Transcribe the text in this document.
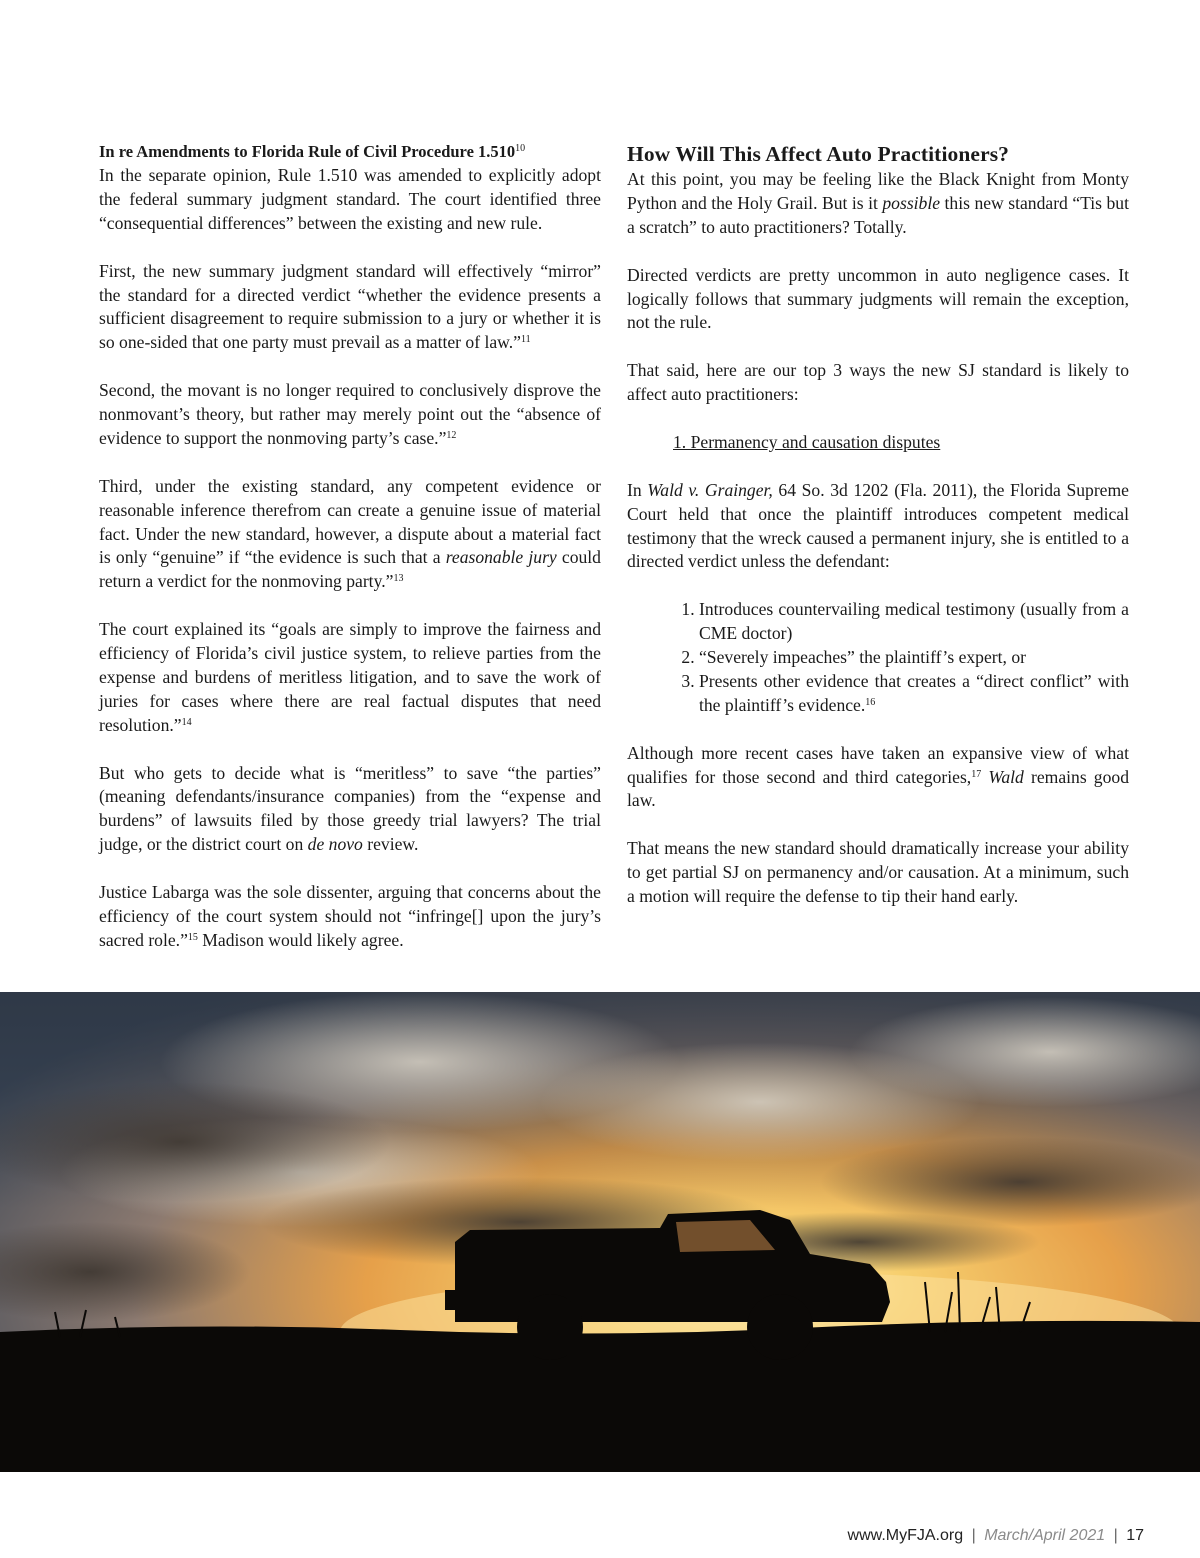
In re Amendments to Florida Rule of Civil Procedure 1.510$^{10}$

In the separate opinion, Rule 1.510 was amended to explicitly adopt the federal summary judgment standard. The court identified three “consequential differences” between the existing and new rule.

First, the new summary judgment standard will effectively “mirror” the standard for a directed verdict “whether the evidence presents a sufficient disagreement to require submission to a jury or whether it is so one-sided that one party must prevail as a matter of law.”$^{11}$

Second, the movant is no longer required to conclusively disprove the nonmovant’s theory, but rather may merely point out the “absence of evidence to support the nonmoving party’s case.”$^{12}$

Third, under the existing standard, any competent evidence or reasonable inference therefrom can create a genuine issue of material fact. Under the new standard, however, a dispute about a material fact is only “genuine” if “the evidence is such that a reasonable jury could return a verdict for the nonmoving party.”$^{13}$

The court explained its “goals are simply to improve the fairness and efficiency of Florida’s civil justice system, to relieve parties from the expense and burdens of meritless litigation, and to save the work of juries for cases where there are real factual disputes that need resolution.”$^{14}$

But who gets to decide what is “meritless” to save “the parties” (meaning defendants/insurance companies) from the “expense and burdens” of lawsuits filed by those greedy trial lawyers? The trial judge, or the district court on de novo review.

Justice Labarga was the sole dissenter, arguing that concerns about the efficiency of the court system should not “infringe[] upon the jury’s sacred role.”$^{15}$ Madison would likely agree.

How Will This Affect Auto Practitioners?

At this point, you may be feeling like the Black Knight from Monty Python and the Holy Grail. But is it possible this new standard “Tis but a scratch” to auto practitioners? Totally.

Directed verdicts are pretty uncommon in auto negligence cases. It logically follows that summary judgments will remain the exception, not the rule.

That said, here are our top 3 ways the new SJ standard is likely to affect auto practitioners:

1. Permanency and causation disputes

In Wald v. Grainger, 64 So. 3d 1202 (Fla. 2011), the Florida Supreme Court held that once the plaintiff introduces competent medical testimony that the wreck caused a permanent injury, she is entitled to a directed verdict unless the defendant:

1. Introduces countervailing medical testimony (usually from a CME doctor)
2. “Severely impeaches” the plaintiff’s expert, or
3. Presents other evidence that creates a “direct conflict” with the plaintiff’s evidence.$^{16}$

Although more recent cases have taken an expansive view of what qualifies for those second and third categories,$^{17}$ Wald remains good law.

That means the new standard should dramatically increase your ability to get partial SJ on permanency and/or causation. At a minimum, such a motion will require the defense to tip their hand early.

www.MyFJA.org | March/April 2021 | 17
